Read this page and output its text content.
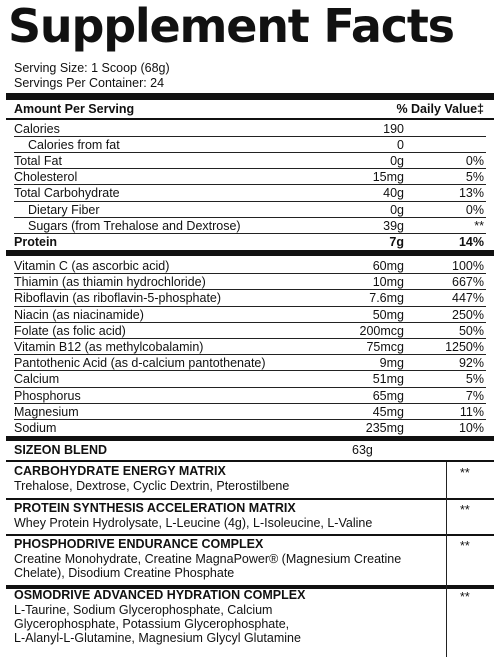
Supplement Facts
Serving Size: 1 Scoop (68g)
Servings Per Container: 24
Amount Per Serving	% Daily Value‡
Calories	190
Calories from fat	0
Total Fat	0g	0%
Cholesterol	15mg	5%
Total Carbohydrate	40g	13%
Dietary Fiber	0g	0%
Sugars (from Trehalose and Dextrose)	39g	**
Protein	7g	14%
Vitamin C (as ascorbic acid)	60mg	100%
Thiamin (as thiamin hydrochloride)	10mg	667%
Riboflavin (as riboflavin-5-phosphate)	7.6mg	447%
Niacin (as niacinamide)	50mg	250%
Folate (as folic acid)	200mcg	50%
Vitamin B12 (as methylcobalamin)	75mcg	1250%
Pantothenic Acid (as d-calcium pantothenate)	9mg	92%
Calcium	51mg	5%
Phosphorus	65mg	7%
Magnesium	45mg	11%
Sodium	235mg	10%
SIZEON BLEND	63g
CARBOHYDRATE ENERGY MATRIX
Trehalose, Dextrose, Cyclic Dextrin, Pterostilbene
**
PROTEIN SYNTHESIS ACCELERATION MATRIX
Whey Protein Hydrolysate, L-Leucine (4g), L-Isoleucine, L-Valine
**
PHOSPHODRIVE ENDURANCE COMPLEX
Creatine Monohydrate, Creatine MagnaPower® (Magnesium Creatine
Chelate), Disodium Creatine Phosphate
**
OSMODRIVE ADVANCED HYDRATION COMPLEX
L-Taurine, Sodium Glycerophosphate, Calcium
Glycerophosphate, Potassium Glycerophosphate,
L-Alanyl-L-Glutamine, Magnesium Glycyl Glutamine
**
